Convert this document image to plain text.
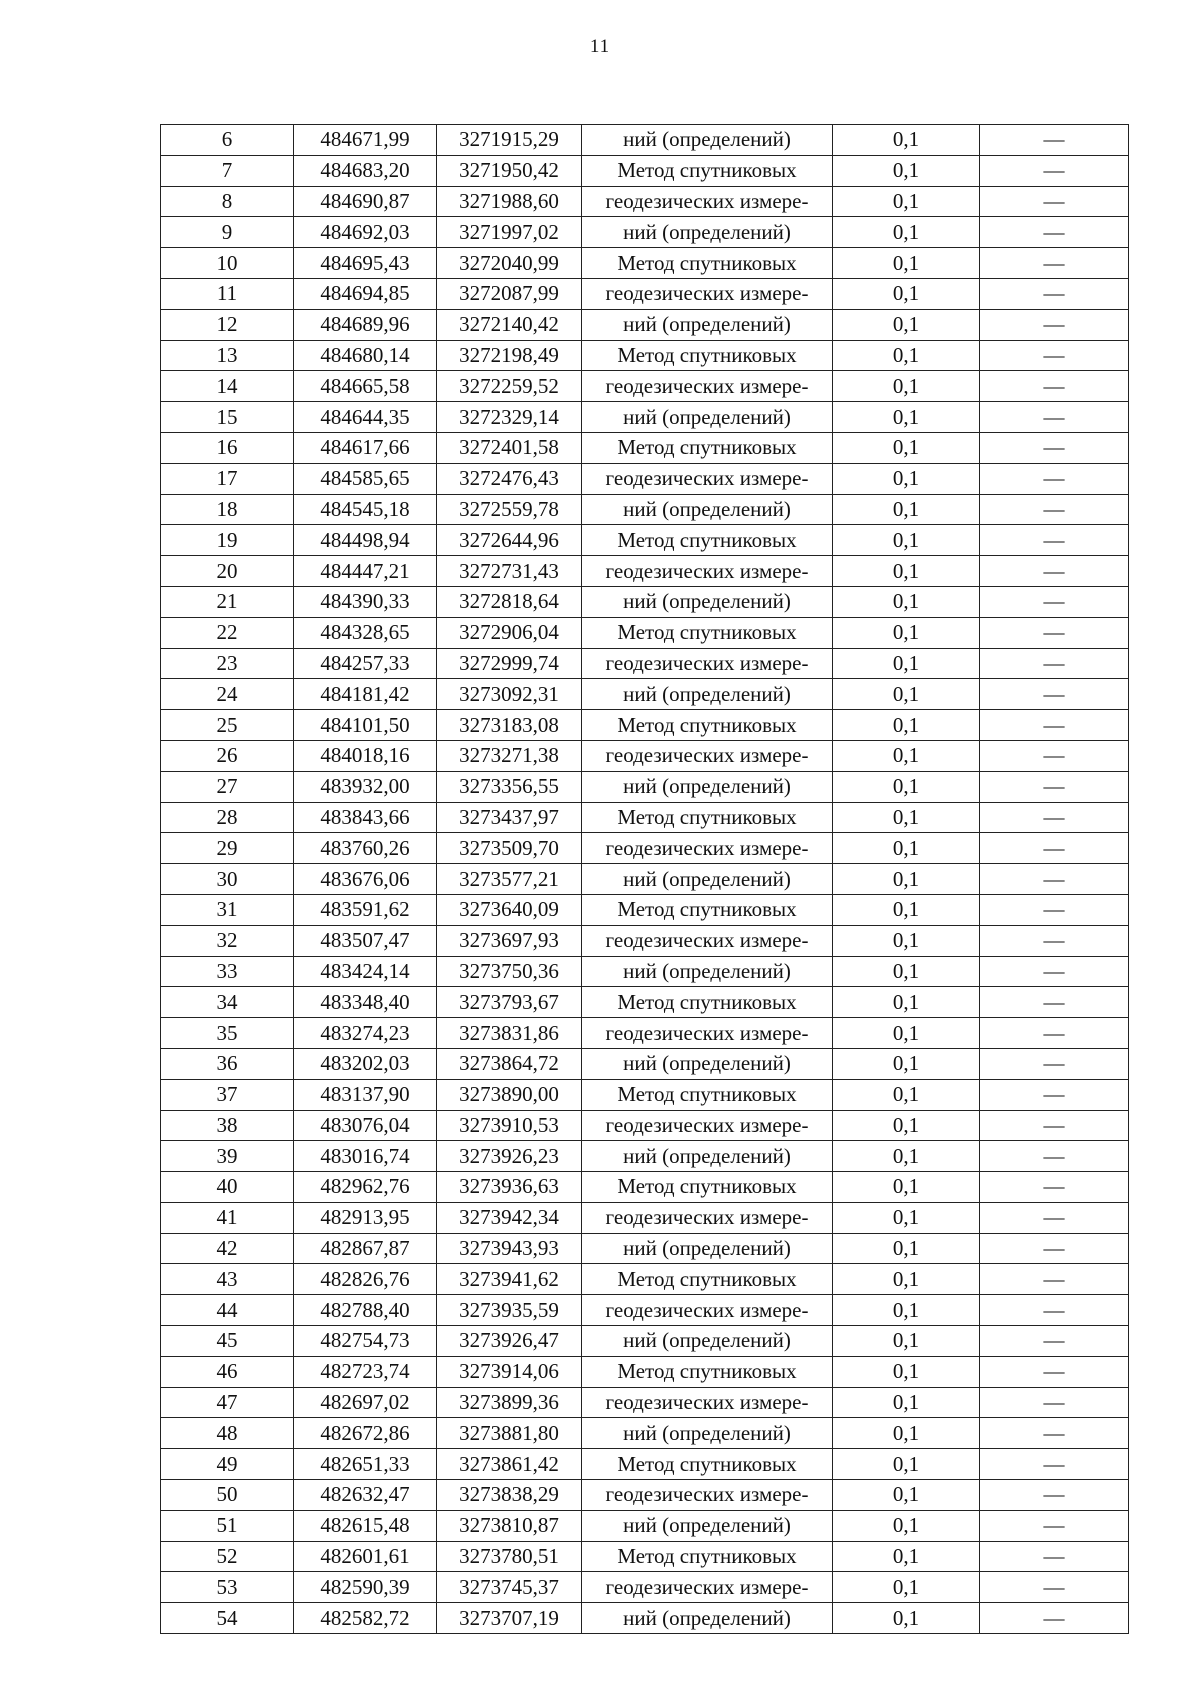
11
6	484671,99	3271915,29	ний (определений)	0,1	—
7	484683,20	3271950,42	Метод спутниковых	0,1	—
8	484690,87	3271988,60	геодезических измере-	0,1	—
9	484692,03	3271997,02	ний (определений)	0,1	—
10	484695,43	3272040,99	Метод спутниковых	0,1	—
11	484694,85	3272087,99	геодезических измере-	0,1	—
12	484689,96	3272140,42	ний (определений)	0,1	—
13	484680,14	3272198,49	Метод спутниковых	0,1	—
14	484665,58	3272259,52	геодезических измере-	0,1	—
15	484644,35	3272329,14	ний (определений)	0,1	—
16	484617,66	3272401,58	Метод спутниковых	0,1	—
17	484585,65	3272476,43	геодезических измере-	0,1	—
18	484545,18	3272559,78	ний (определений)	0,1	—
19	484498,94	3272644,96	Метод спутниковых	0,1	—
20	484447,21	3272731,43	геодезических измере-	0,1	—
21	484390,33	3272818,64	ний (определений)	0,1	—
22	484328,65	3272906,04	Метод спутниковых	0,1	—
23	484257,33	3272999,74	геодезических измере-	0,1	—
24	484181,42	3273092,31	ний (определений)	0,1	—
25	484101,50	3273183,08	Метод спутниковых	0,1	—
26	484018,16	3273271,38	геодезических измере-	0,1	—
27	483932,00	3273356,55	ний (определений)	0,1	—
28	483843,66	3273437,97	Метод спутниковых	0,1	—
29	483760,26	3273509,70	геодезических измере-	0,1	—
30	483676,06	3273577,21	ний (определений)	0,1	—
31	483591,62	3273640,09	Метод спутниковых	0,1	—
32	483507,47	3273697,93	геодезических измере-	0,1	—
33	483424,14	3273750,36	ний (определений)	0,1	—
34	483348,40	3273793,67	Метод спутниковых	0,1	—
35	483274,23	3273831,86	геодезических измере-	0,1	—
36	483202,03	3273864,72	ний (определений)	0,1	—
37	483137,90	3273890,00	Метод спутниковых	0,1	—
38	483076,04	3273910,53	геодезических измере-	0,1	—
39	483016,74	3273926,23	ний (определений)	0,1	—
40	482962,76	3273936,63	Метод спутниковых	0,1	—
41	482913,95	3273942,34	геодезических измере-	0,1	—
42	482867,87	3273943,93	ний (определений)	0,1	—
43	482826,76	3273941,62	Метод спутниковых	0,1	—
44	482788,40	3273935,59	геодезических измере-	0,1	—
45	482754,73	3273926,47	ний (определений)	0,1	—
46	482723,74	3273914,06	Метод спутниковых	0,1	—
47	482697,02	3273899,36	геодезических измере-	0,1	—
48	482672,86	3273881,80	ний (определений)	0,1	—
49	482651,33	3273861,42	Метод спутниковых	0,1	—
50	482632,47	3273838,29	геодезических измере-	0,1	—
51	482615,48	3273810,87	ний (определений)	0,1	—
52	482601,61	3273780,51	Метод спутниковых	0,1	—
53	482590,39	3273745,37	геодезических измере-	0,1	—
54	482582,72	3273707,19	ний (определений)	0,1	—
